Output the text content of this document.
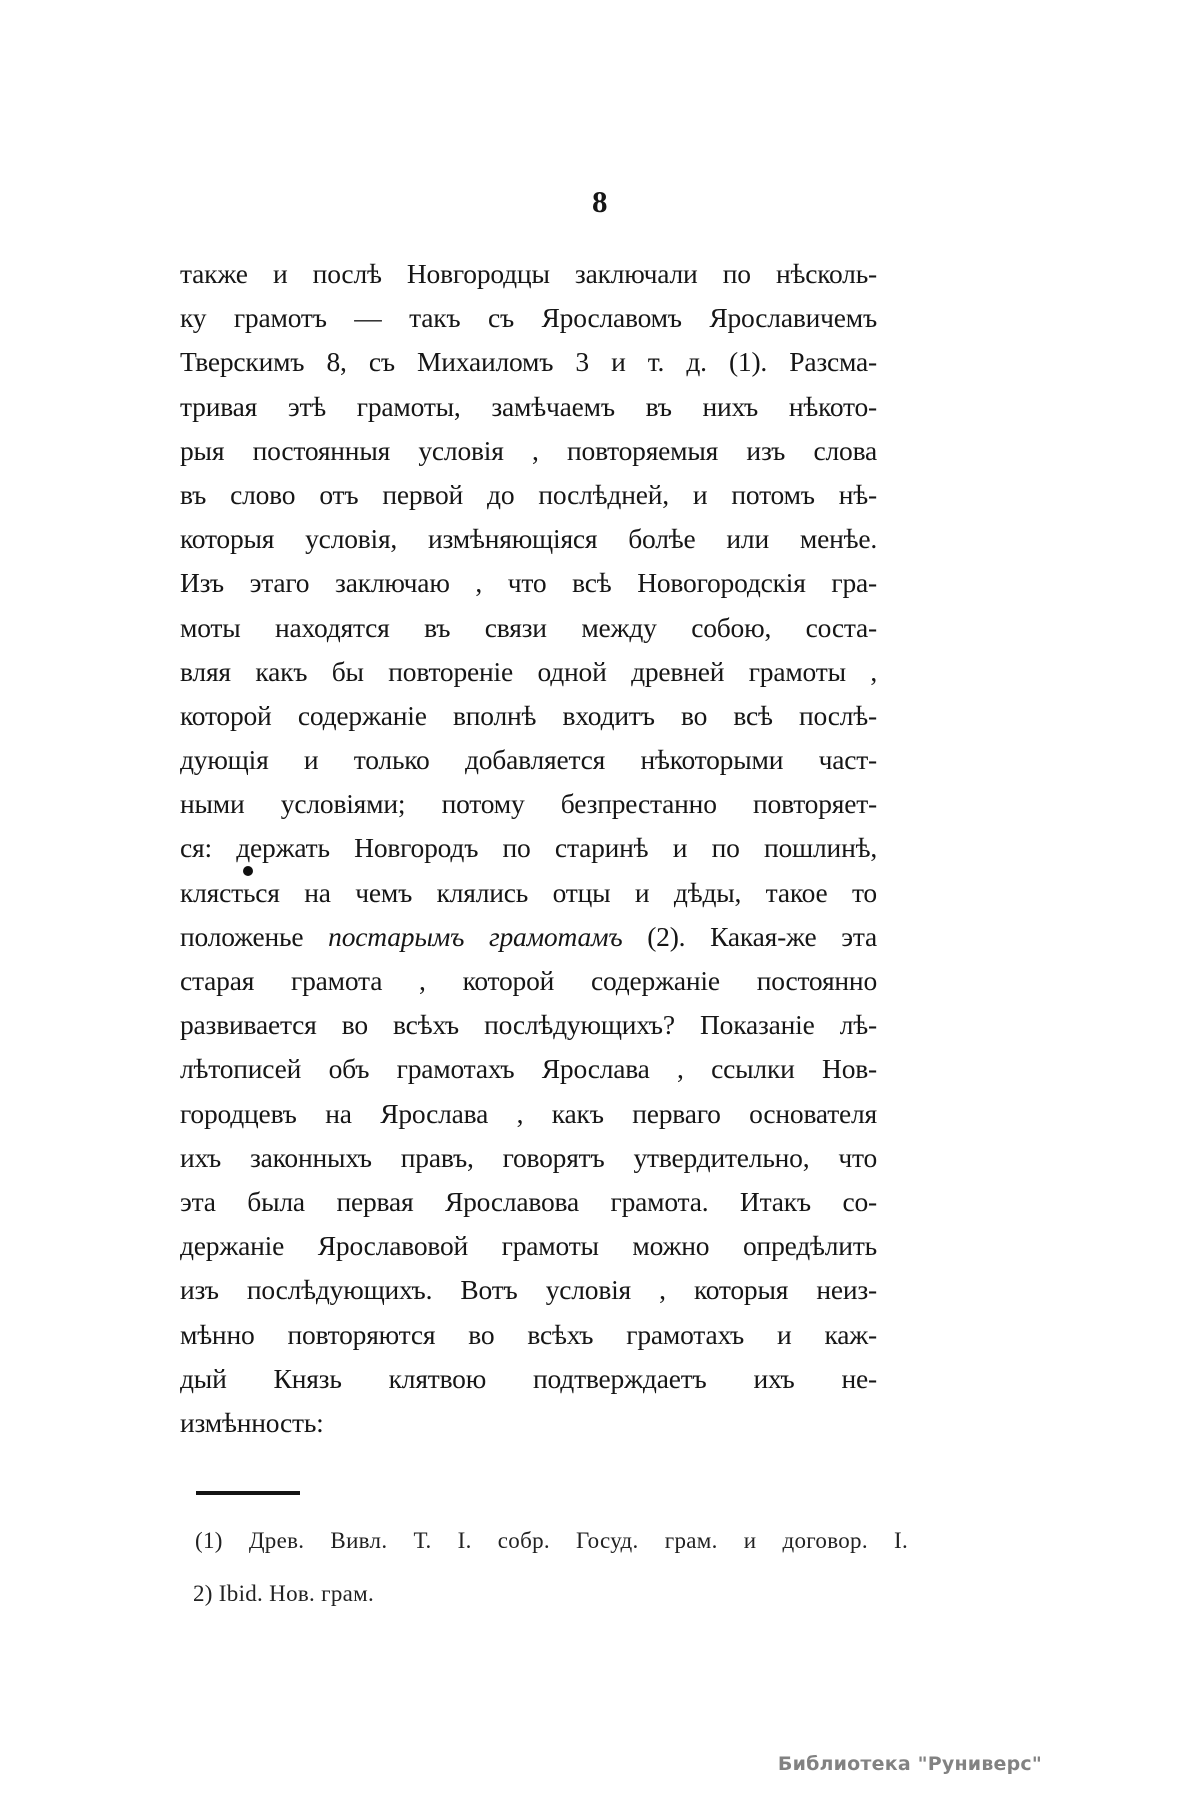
8
также и послѣ Новгородцы заключали по нѣсколь-
ку грамотъ — такъ съ Ярославомъ Ярославичемъ
Тверскимъ 8, съ Михаиломъ 3 и т. д. (1). Разсма-
тривая этѣ грамоты, замѣчаемъ въ нихъ нѣкото-
рыя постоянныя условія , повторяемыя изъ слова
въ слово отъ первой до послѣдней, и потомъ нѣ-
которыя условія, измѣняющіяся болѣе или менѣе.
Изъ этаго заключаю , что всѣ Новогородскія гра-
моты находятся въ связи между собою, соста-
вляя какъ бы повтореніе одной древней грамоты ,
которой содержаніе вполнѣ входитъ во всѣ послѣ-
дующія и только добавляется нѣкоторыми част-
ными условіями; потому безпрестанно повторяет-
ся: держать Новгородъ по старинѣ и по пошлинѣ,
клясться на чемъ клялись отцы и дѣды, такое то
положенье постарымъ грамотамъ (2). Какая-же эта
старая грамота , которой содержаніе постоянно
развивается во всѣхъ послѣдующихъ? Показаніе лѣ-
лѣтописей объ грамотахъ Ярослава , ссылки Нов-
городцевъ на Ярослава , какъ перваго основателя
ихъ законныхъ правъ, говорятъ утвердительно, что
эта была первая Ярославова грамота. Итакъ со-
держаніе Ярославовой грамоты можно опредѣлить
изъ послѣдующихъ. Вотъ условія , которыя неиз-
мѣнно повторяются во всѣхъ грамотахъ и каж-
дый Князь клятвою подтверждаетъ ихъ не-
измѣнность:
(1) Древ. Вивл. Т. I. собр. Госуд. грам. и договор. I.
2) Ibid. Нов. грам.
Библиотека "Руниверс"
